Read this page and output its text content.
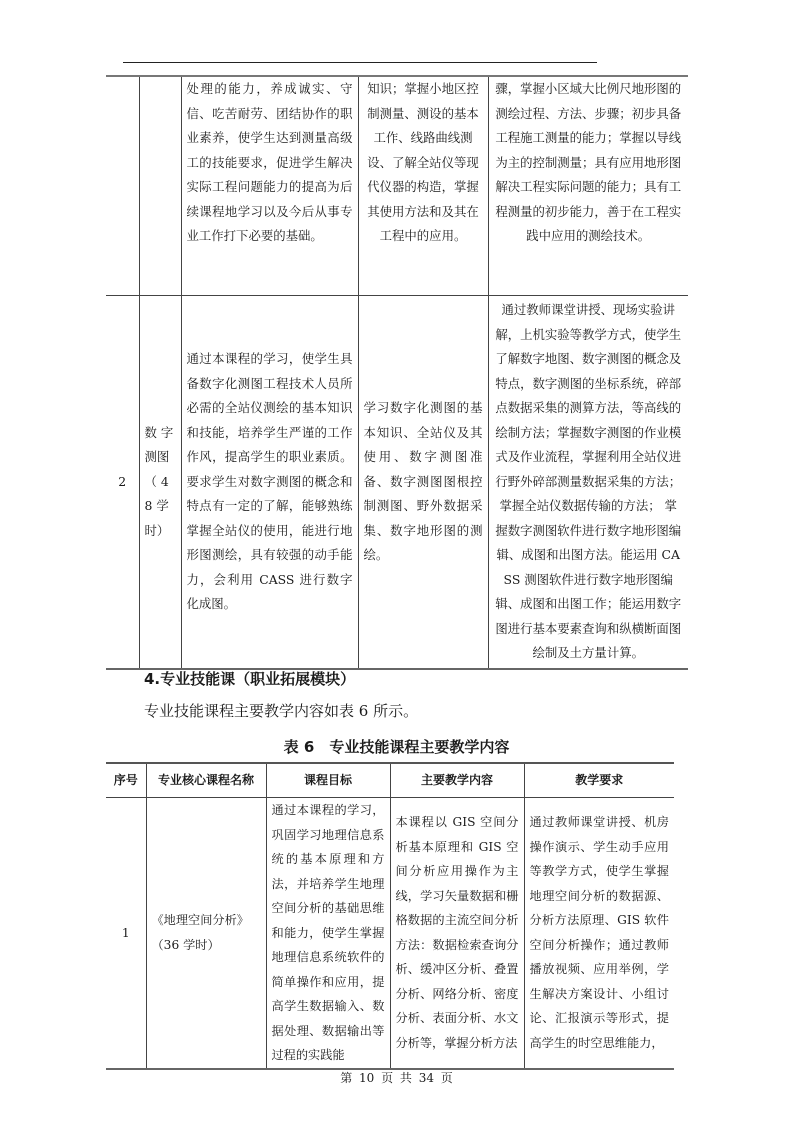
		处理的能力，养成诚实、守信、吃苦耐劳、团结协作的职业素养，使学生达到测量高级工的技能要求，促进学生解决实际工程问题能力的提高为后续课程地学习以及今后从事专业工作打下必要的基础。	知识；掌握小地区控制测量、测设的基本工作、线路曲线测设、了解全站仪等现代仪器的构造，掌握其使用方法和及其在工程中的应用。	骤，掌握小区域大比例尺地形图的测绘过程、方法、步骤；初步具备工程施工测量的能力；掌握以导线为主的控制测量；具有应用地形图解决工程实际问题的能力；具有工程测量的初步能力，善于在工程实践中应用的测绘技术。
2	数 字 测图 （ 48 学时）	通过本课程的学习，使学生具备数字化测图工程技术人员所必需的全站仪测绘的基本知识和技能，培养学生严谨的工作作风，提高学生的职业素质。要求学生对数字测图的概念和特点有一定的了解，能够熟练掌握全站仪的使用，能进行地形图测绘，具有较强的动手能力，会利用 CASS 进行数字化成图。	学习数字化测图的基本知识、全站仪及其使用、数字测图准备、数字测图图根控制测图、野外数据采集、数字地形图的测绘。	通过教师课堂讲授、现场实验讲解，上机实验等教学方式，使学生了解数字地图、数字测图的概念及特点，数字测图的坐标系统，碎部点数据采集的测算方法，等高线的绘制方法；掌握数字测图的作业模式及作业流程，掌握利用全站仪进行野外碎部测量数据采集的方法；掌握全站仪数据传输的方法； 掌握数字测图软件进行数字地形图编辑、成图和出图方法。能运用 CASS 测图软件进行数字地形图编辑、成图和出图工作；能运用数字图进行基本要素查询和纵横断面图绘制及土方量计算。
4.专业技能课（职业拓展模块）
专业技能课程主要教学内容如表 6 所示。
表 6　专业技能课程主要教学内容
序号	专业核心课程名称	课程目标	主要教学内容	教学要求
1	《地理空间分析》（36 学时）	通过本课程的学习，巩固学习地理信息系统的基本原理和方法，并培养学生地理空间分析的基础思维和能力，使学生掌握地理信息系统软件的简单操作和应用，提高学生数据输入、数据处理、数据输出等过程的实践能	本课程以 GIS 空间分析基本原理和 GIS 空间分析应用操作为主线，学习矢量数据和栅格数据的主流空间分析方法：数据检索查询分析、缓冲区分析、叠置分析、网络分析、密度分析、表面分析、水文分析等，掌握分析方法	通过教师课堂讲授、机房操作演示、学生动手应用等教学方式，使学生掌握地理空间分析的数据源、分析方法原理、GIS 软件空间分析操作；通过教师播放视频、应用举例，学生解决方案设计、小组讨论、汇报演示等形式，提高学生的时空思维能力，
第 10 页 共 34 页
